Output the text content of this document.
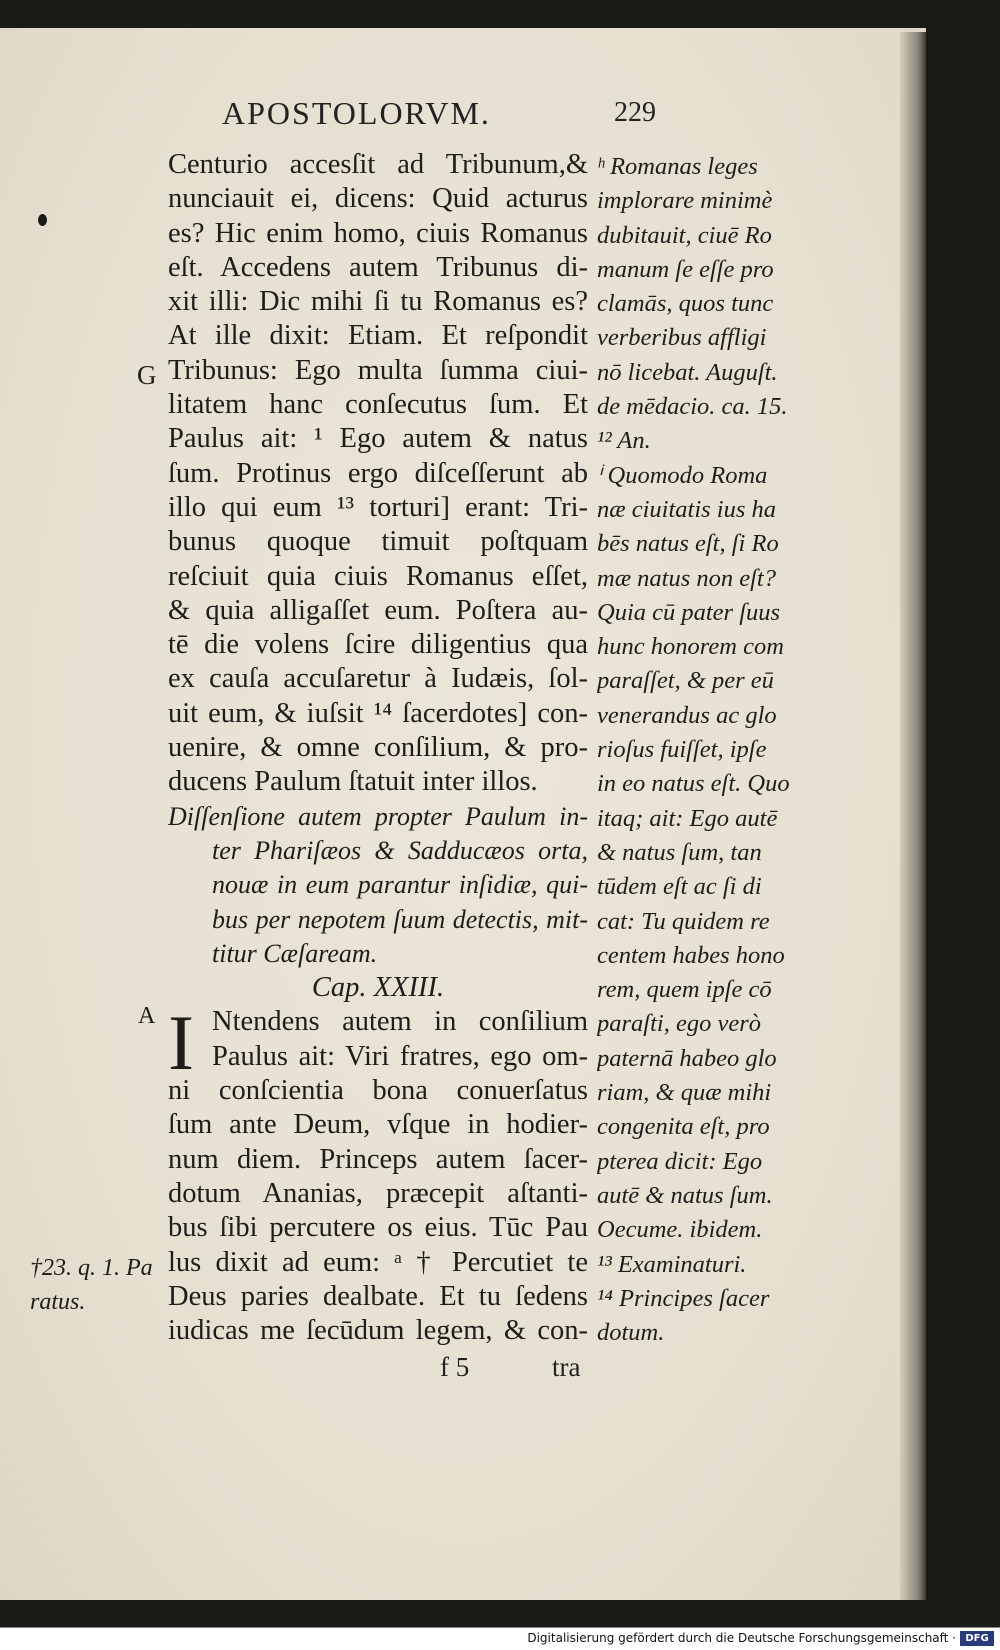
APOSTOLORVM.	229
Centurio accesſit ad Tribunum,&
nunciauit ei, dicens: Quid acturus
es? Hic enim homo, ciuis Romanus
eſt. Accedens autem Tribunus di-
xit illi: Dic mihi ſi tu Romanus es?
At ille dixit: Etiam. Et reſpondit
Tribunus: Ego multa ſumma ciui-
litatem hanc conſecutus ſum. Et
Paulus ait: ¹ Ego autem & natus
ſum. Protinus ergo diſceſſerunt ab
illo qui eum ¹³ torturi] erant: Tri-
bunus quoque timuit poſtquam
reſciuit quia ciuis Romanus eſſet,
& quia alligaſſet eum. Poſtera au-
tē die volens ſcire diligentius qua
ex cauſa accuſaretur à Iudæis, ſol-
uit eum, & iuſsit ¹⁴ ſacerdotes] con-
uenire, & omne conſilium, & pro-
ducens Paulum ſtatuit inter illos.
Diſſenſione autem propter Paulum in-
ter Phariſæos & Sadducæos orta,
nouæ in eum parantur inſidiæ, qui-
bus per nepotem ſuum detectis, mit-
titur Cæſaream.
Cap. XXIII.
Ntendens autem in conſilium
Paulus ait: Viri fratres, ego om-
ni conſcientia bona conuerſatus
ſum ante Deum, vſque in hodier-
num diem. Princeps autem ſacer-
dotum Ananias, præcepit aſtanti-
bus ſibi percutere os eius. Tūc Pau
lus dixit ad eum: ᵃ † Percutiet te
Deus paries dealbate. Et tu ſedens
iudicas me ſecūdum legem, & con-
I
ʰ Romanas leges
implorare minimè
dubitauit, ciuē Ro
manum ſe eſſe pro
clamās, quos tunc
verberibus affligi
nō licebat. Auguſt.
de mēdacio. ca. 15.
¹² An.
ⁱ Quomodo Roma
næ ciuitatis ius ha
bēs natus eſt, ſi Ro
mæ natus non eſt?
Quia cū pater ſuus
hunc honorem com
paraſſet, & per eū
venerandus ac glo
rioſus fuiſſet, ipſe
in eo natus eſt. Quo
itaq; ait: Ego autē
& natus ſum, tan
tūdem eſt ac ſi di
cat: Tu quidem re
centem habes hono
rem, quem ipſe cō
paraſti, ego verò
paternā habeo glo
riam, & quæ mihi
congenita eſt, pro
pterea dicit: Ego
autē & natus ſum.
Oecume. ibidem.
¹³ Examinaturi.
¹⁴ Principes ſacer
dotum.
G
A
†23. q. 1. Pa
ratus.
f 5	tra
Digitalisierung gefördert durch die Deutsche Forschungsgemeinschaft · DFG
